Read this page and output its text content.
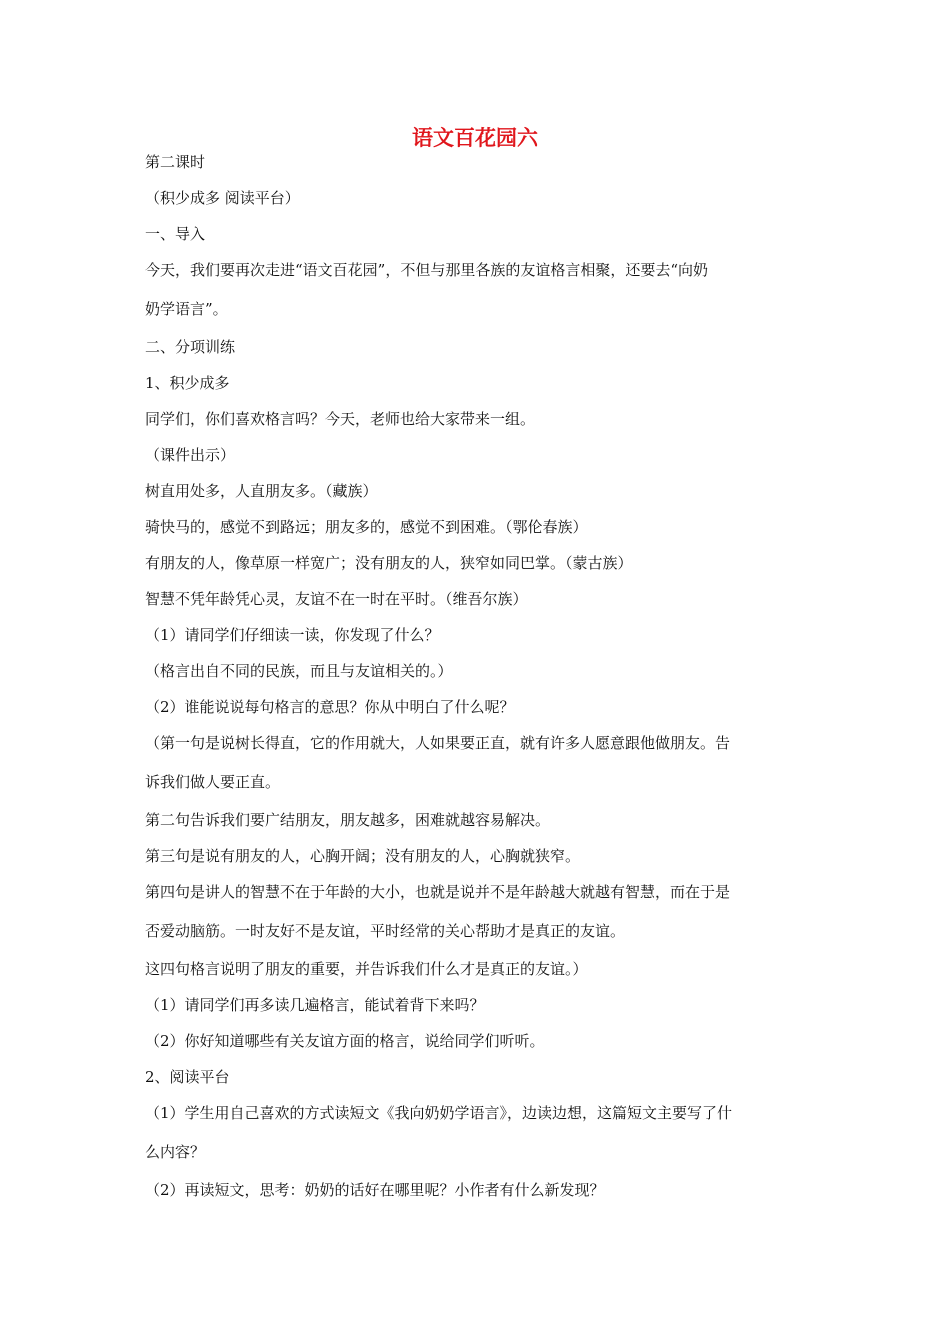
语文百花园六
第二课时
（积少成多 阅读平台）
一、导入
今天，我们要再次走进“语文百花园”，不但与那里各族的友谊格言相聚，还要去“向奶
奶学语言”。
二、分项训练
1、积少成多
同学们，你们喜欢格言吗？今天，老师也给大家带来一组。
（课件出示）
树直用处多，人直朋友多。（藏族）
骑快马的，感觉不到路远；朋友多的，感觉不到困难。（鄂伦春族）
有朋友的人，像草原一样宽广；没有朋友的人，狭窄如同巴掌。（蒙古族）
智慧不凭年龄凭心灵，友谊不在一时在平时。（维吾尔族）
（1）请同学们仔细读一读，你发现了什么？
（格言出自不同的民族，而且与友谊相关的。）
（2）谁能说说每句格言的意思？你从中明白了什么呢？
（第一句是说树长得直，它的作用就大，人如果要正直，就有许多人愿意跟他做朋友。告
诉我们做人要正直。
第二句告诉我们要广结朋友，朋友越多，困难就越容易解决。
第三句是说有朋友的人，心胸开阔；没有朋友的人，心胸就狭窄。
第四句是讲人的智慧不在于年龄的大小，也就是说并不是年龄越大就越有智慧，而在于是
否爱动脑筋。一时友好不是友谊，平时经常的关心帮助才是真正的友谊。
这四句格言说明了朋友的重要，并告诉我们什么才是真正的友谊。）
（1）请同学们再多读几遍格言，能试着背下来吗？
（2）你好知道哪些有关友谊方面的格言，说给同学们听听。
2、阅读平台
（1）学生用自己喜欢的方式读短文《我向奶奶学语言》，边读边想，这篇短文主要写了什
么内容？
（2）再读短文，思考：奶奶的话好在哪里呢？小作者有什么新发现？
